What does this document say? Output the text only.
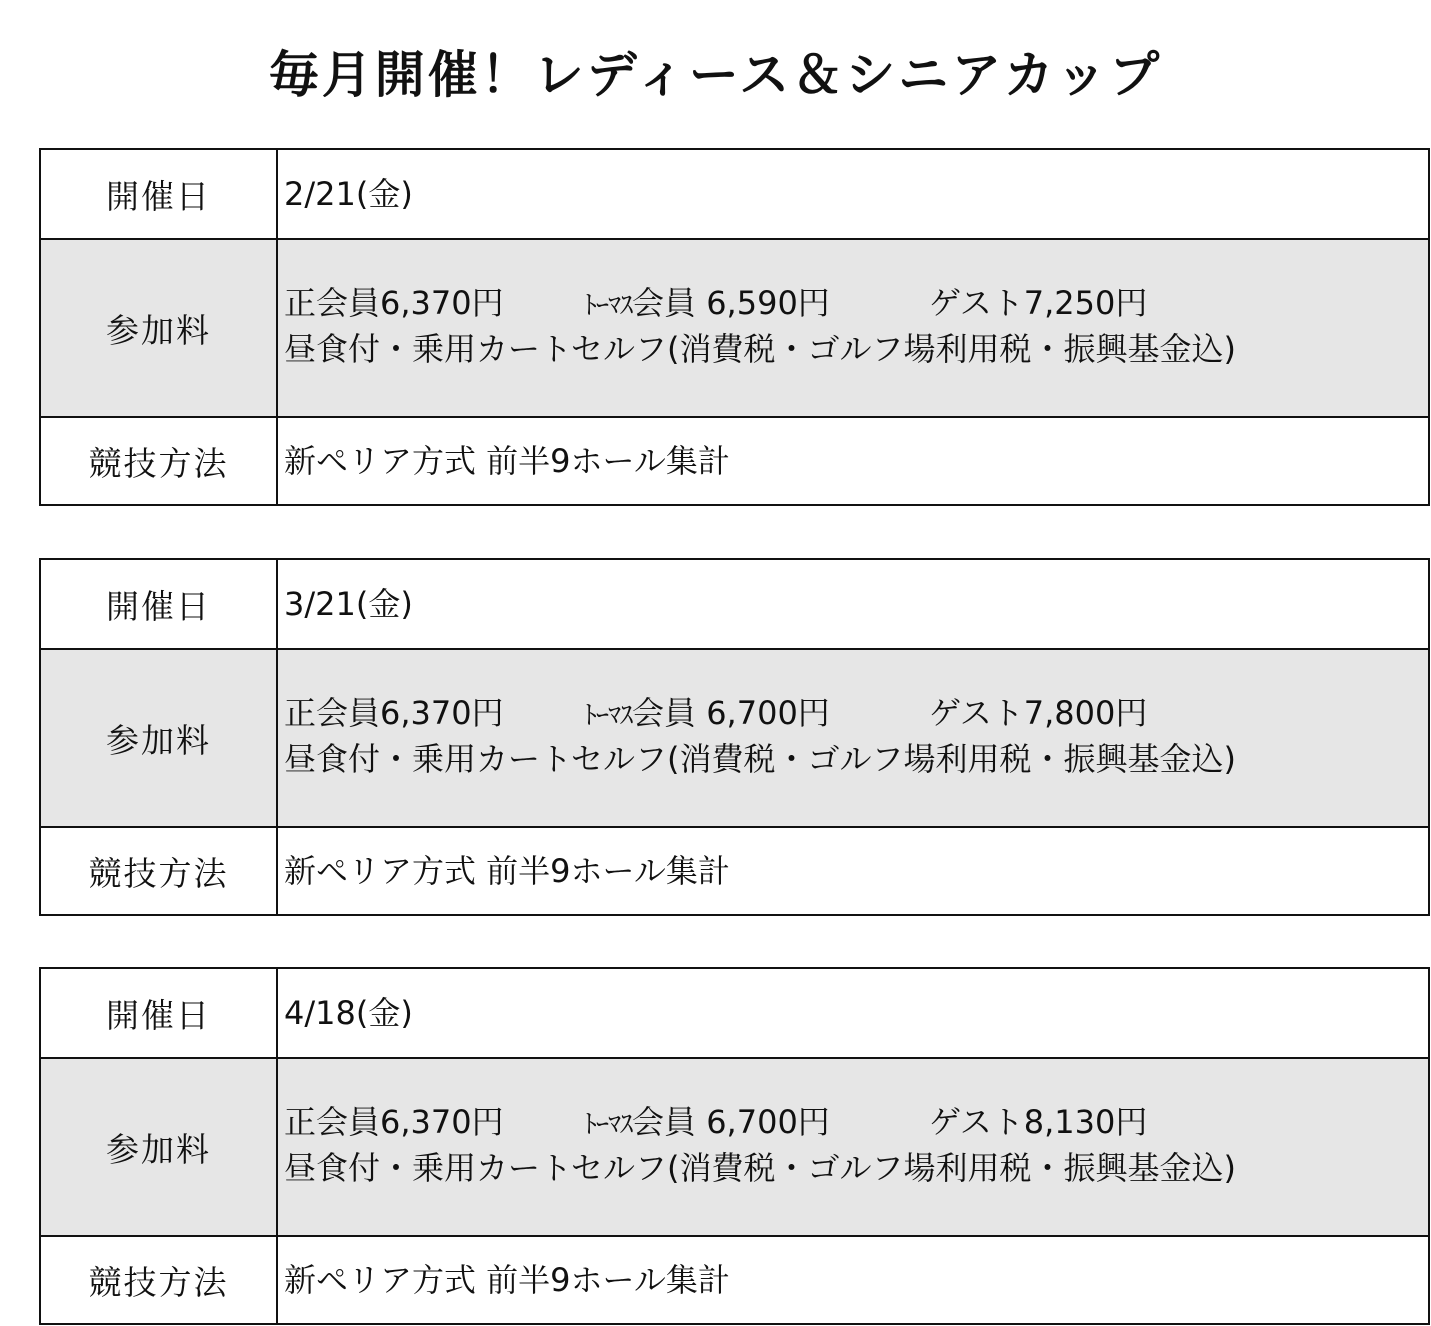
毎月開催！レディース＆シニアカップ
開催日	2/21(金)
参加料
正会員6,370円	ﾄｰﾏｽ会員 6,590円	ゲスト7,250円
昼食付・乗用カートセルフ(消費税・ゴルフ場利用税・振興基金込)
競技方法	新ペリア方式 前半9ホール集計
開催日	3/21(金)
参加料
正会員6,370円	ﾄｰﾏｽ会員 6,700円	ゲスト7,800円
昼食付・乗用カートセルフ(消費税・ゴルフ場利用税・振興基金込)
競技方法	新ペリア方式 前半9ホール集計
開催日	4/18(金)
参加料
正会員6,370円	ﾄｰﾏｽ会員 6,700円	ゲスト8,130円
昼食付・乗用カートセルフ(消費税・ゴルフ場利用税・振興基金込)
競技方法	新ペリア方式 前半9ホール集計
